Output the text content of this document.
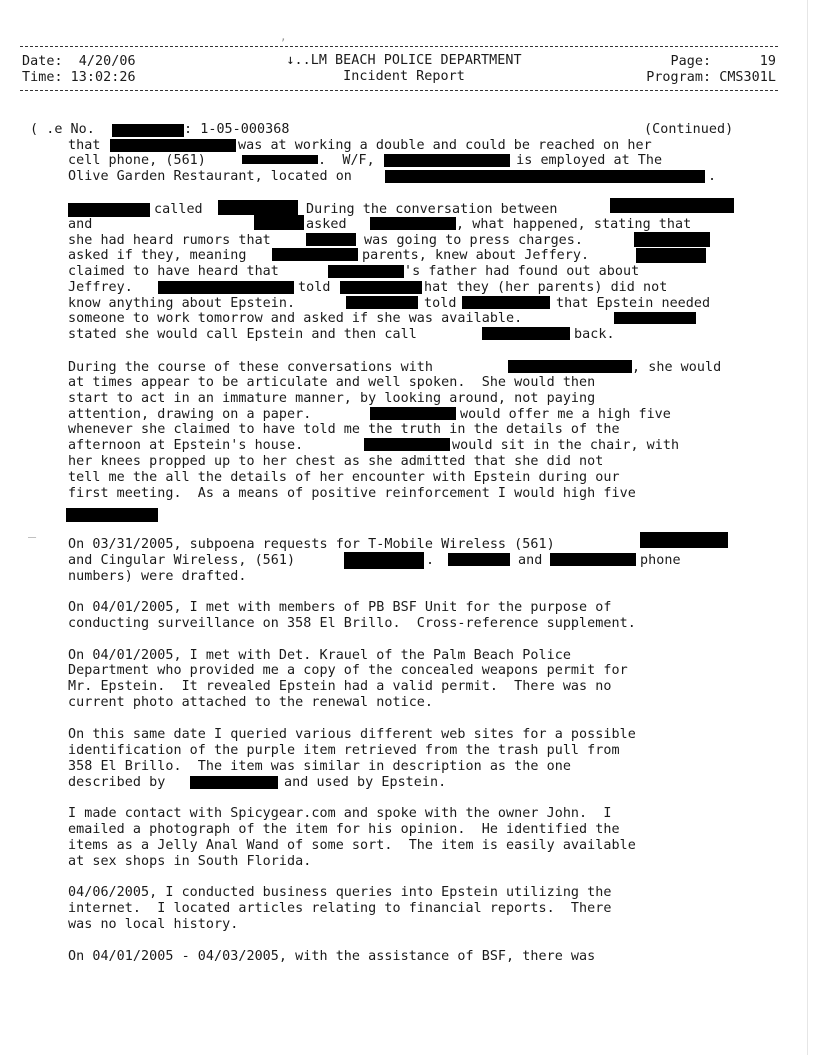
‚
Date:  4/20/06
Time: 13:02:26
↓..LM BEACH POLICE DEPARTMENT
Incident Report
Page:      19
Program: CMS301L
( .e No.	: 1-05-000368	(Continued)
that	was at working a double and could be reached on her
cell phone, (561)	.  W/F,	is employed at The
Olive Garden Restaurant, located on	.
called	During the conversation between
and	asked	, what happened, stating that
she had heard rumors that	was going to press charges.
asked if they, meaning	parents, knew about Jeffery.
claimed to have heard that	's father had found out about
Jeffrey.	told	hat they (her parents) did not
know anything about Epstein.	told	that Epstein needed
someone to work tomorrow and asked if she was available.
stated she would call Epstein and then call	back.
During the course of these conversations with	, she would
at times appear to be articulate and well spoken.  She would then
start to act in an immature manner, by looking around, not paying
attention, drawing on a paper.	would offer me a high five
whenever she claimed to have told me the truth in the details of the
afternoon at Epstein's house.	would sit in the chair, with
her knees propped up to her chest as she admitted that she did not
tell me the all the details of her encounter with Epstein during our
first meeting.  As a means of positive reinforcement I would high five
— On 03/31/2005, subpoena requests for T-Mobile Wireless (561)
and Cingular Wireless, (561)	.	and	phone
numbers) were drafted.
On 04/01/2005, I met with members of PB BSF Unit for the purpose of
conducting surveillance on 358 El Brillo.  Cross-reference supplement.
On 04/01/2005, I met with Det. Krauel of the Palm Beach Police
Department who provided me a copy of the concealed weapons permit for
Mr. Epstein.  It revealed Epstein had a valid permit.  There was no
current photo attached to the renewal notice.
On this same date I queried various different web sites for a possible
identification of the purple item retrieved from the trash pull from
358 El Brillo.  The item was similar in description as the one
described by	and used by Epstein.
I made contact with Spicygear.com and spoke with the owner John.  I
emailed a photograph of the item for his opinion.  He identified the
items as a Jelly Anal Wand of some sort.  The item is easily available
at sex shops in South Florida.
04/06/2005, I conducted business queries into Epstein utilizing the
internet.  I located articles relating to financial reports.  There
was no local history.
On 04/01/2005 - 04/03/2005, with the assistance of BSF, there was
